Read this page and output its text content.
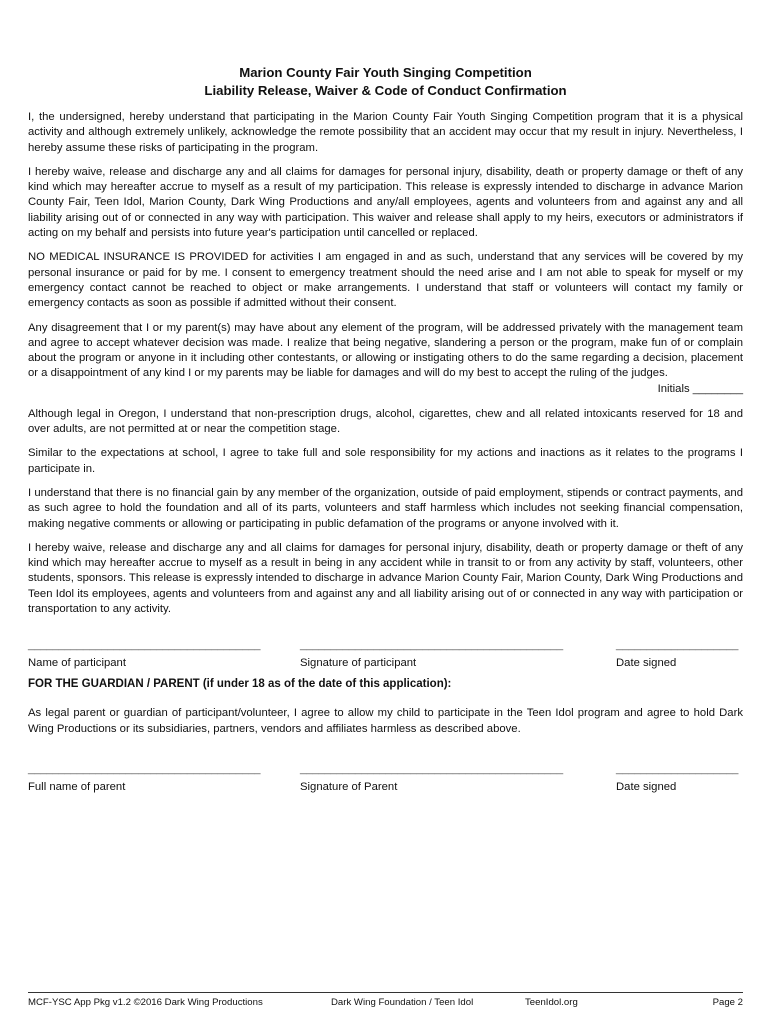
Marion County Fair Youth Singing Competition
Liability Release, Waiver & Code of Conduct Confirmation

I, the undersigned, hereby understand that participating in the Marion County Fair Youth Singing Competition program that it is a physical activity and although extremely unlikely, acknowledge the remote possibility that an accident may occur that my result in injury. Nevertheless, I hereby assume these risks of participating in the program.

I hereby waive, release and discharge any and all claims for damages for personal injury, disability, death or property damage or theft of any kind which may hereafter accrue to myself as a result of my participation. This release is expressly intended to discharge in advance Marion County Fair, Teen Idol, Marion County, Dark Wing Productions and any/all employees, agents and volunteers from and against any and all liability arising out of or connected in any way with participation. This waiver and release shall apply to my heirs, executors or administrators if acting on my behalf and persists into future year's participation until cancelled or replaced.

NO MEDICAL INSURANCE IS PROVIDED for activities I am engaged in and as such, understand that any services will be covered by my personal insurance or paid for by me. I consent to emergency treatment should the need arise and I am not able to speak for myself or my emergency contact cannot be reached to object or make arrangements. I understand that staff or volunteers will contact my family or emergency contacts as soon as possible if admitted without their consent.

Any disagreement that I or my parent(s) may have about any element of the program, will be addressed privately with the management team and agree to accept whatever decision was made. I realize that being negative, slandering a person or the program, make fun of or complain about the program or anyone in it including other contestants, or allowing or instigating others to do the same regarding a decision, placement or a disappointment of any kind I or my parents may be liable for damages and will do my best to accept the ruling of the judges.

Initials ________

Although legal in Oregon, I understand that non-prescription drugs, alcohol, cigarettes, chew and all related intoxicants reserved for 18 and over adults, are not permitted at or near the competition stage.

Similar to the expectations at school, I agree to take full and sole responsibility for my actions and inactions as it relates to the programs I participate in.

I understand that there is no financial gain by any member of the organization, outside of paid employment, stipends or contract payments, and as such agree to hold the foundation and all of its parts, volunteers and staff harmless which includes not seeking financial compensation, making negative comments or allowing or participating in public defamation of the programs or anyone involved with it.

I hereby waive, release and discharge any and all claims for damages for personal injury, disability, death or property damage or theft of any kind which may hereafter accrue to myself as a result in being in any accident while in transit to or from any activity by staff, volunteers, other students, sponsors. This release is expressly intended to discharge in advance Marion County Fair, Marion County, Dark Wing Productions and Teen Idol its employees, agents and volunteers from and against any and all liability arising out of or connected in any way with participation or transportation to any activity.

______________________________________
Name of participant
___________________________________________
Signature of participant
____________________
Date signed
FOR THE GUARDIAN / PARENT (if under 18 as of the date of this application):

As legal parent or guardian of participant/volunteer, I agree to allow my child to participate in the Teen Idol program and agree to hold Dark Wing Productions or its subsidiaries, partners, vendors and affiliates harmless as described above.

______________________________________
Full name of parent
___________________________________________
Signature of Parent
____________________
Date signed
MCF-YSC App Pkg v1.2 ©2016 Dark Wing Productions	Dark Wing Foundation / Teen Idol	TeenIdol.org	Page 2
